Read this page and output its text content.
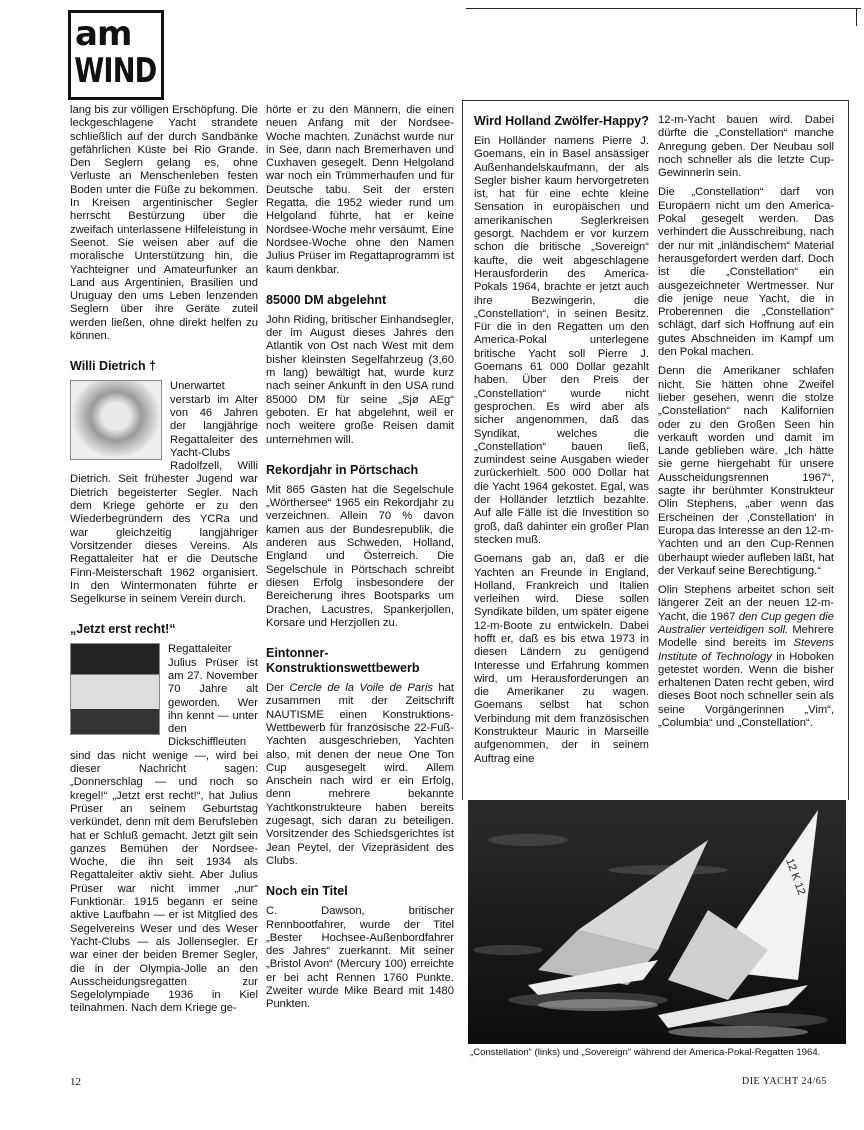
am
WIND

lang bis zur völligen Erschöpfung. Die leckgeschlagene Yacht strandete schließlich auf der durch Sandbänke gefährlichen Küste bei Rio Grande. Den Seglern gelang es, ohne Verluste an Menschenleben festen Boden unter die Füße zu bekommen. In Kreisen argentinischer Segler herrscht Bestürzung über die zweifach unterlassene Hilfeleistung in Seenot. Sie weisen aber auf die moralische Unterstützung hin, die Yachteigner und Amateurfunker an Land aus Argentinien, Brasilien und Uruguay den ums Leben lenzenden Seglern über ihre Geräte zuteil werden ließen, ohne direkt helfen zu können.

Willi Dietrich †

Unerwartet verstarb im Alter von 46 Jahren der langjährige Regattaleiter des Yacht-Clubs Radolfzell, Willi Dietrich. Seit frühester Jugend war Dietrich begeisterter Segler. Nach dem Kriege gehörte er zu den Wiederbegründern des YCRa und war gleichzeitig langjähriger Vorsitzender dieses Vereins. Als Regattaleiter hat er die Deutsche Finn-Meisterschaft 1962 organisiert. In den Wintermonaten führte er Segelkurse in seinem Verein durch.

„Jetzt erst recht!“

Regattaleiter Julius Prüser ist am 27. November 70 Jahre alt geworden. Wer ihn kennt — unter den Dickschiffleuten sind das nicht wenige —, wird bei dieser Nachricht sagen: „Donnerschlag — und noch so kregel!“ „Jetzt erst recht!“, hat Julius Prüser an seinem Geburtstag verkündet, denn mit dem Berufsleben hat er Schluß gemacht. Jetzt gilt sein ganzes Bemühen der Nordsee-Woche, die ihn seit 1934 als Regattaleiter aktiv sieht. Aber Julius Prüser war nicht immer „nur“ Funktionär. 1915 begann er seine aktive Laufbahn — er ist Mitglied des Segelvereins Weser und des Weser Yacht-Clubs — als Jollensegler. Er war einer der beiden Bremer Segler, die in der Olympia-Jolle an den Ausscheidungsregatten zur Segelolympiade 1936 in Kiel teilnahmen. Nach dem Kriege ge-

hörte er zu den Männern, die einen neuen Anfang mit der Nordsee-Woche machten. Zunächst wurde nur in See, dann nach Bremerhaven und Cuxhaven gesegelt. Denn Helgoland war noch ein Trümmerhaufen und für Deutsche tabu. Seit der ersten Regatta, die 1952 wieder rund um Helgoland führte, hat er keine Nordsee-Woche mehr versäumt. Eine Nordsee-Woche ohne den Namen Julius Prüser im Regattaprogramm ist kaum denkbar.

85000 DM abgelehnt

John Riding, britischer Einhandsegler, der im August dieses Jahres den Atlantik von Ost nach West mit dem bisher kleinsten Segelfahrzeug (3,60 m lang) bewältigt hat, wurde kurz nach seiner Ankunft in den USA rund 85000 DM für seine „Sjø AEg“ geboten. Er hat abgelehnt, weil er noch weitere große Reisen damit unternehmen will.

Rekordjahr in Pörtschach

Mit 865 Gästen hat die Segelschule „Wörthersee“ 1965 ein Rekordjahr zu verzeichnen. Allein 70 % davon kamen aus der Bundesrepublik, die anderen aus Schweden, Holland, England und Österreich. Die Segelschule in Pörtschach schreibt diesen Erfolg insbesondere der Bereicherung ihres Bootsparks um Drachen, Lacustres, Spankerjollen, Korsare und Herzjollen zu.

Eintonner-Konstruktionswettbewerb

Der Cercle de la Voile de Paris hat zusammen mit der Zeitschrift NAUTISME einen Konstruktions-Wettbewerb für französische 22-Fuß-Yachten ausgeschrieben, Yachten also, mit denen der neue One Ton Cup ausgesegelt wird. Allem Anschein nach wird er ein Erfolg, denn mehrere bekannte Yachtkonstrukteure haben bereits zugesagt, sich daran zu beteiligen. Vorsitzender des Schiedsgerichtes ist Jean Peytel, der Vizepräsident des Clubs.

Noch ein Titel

C. Dawson, britischer Rennbootfahrer, wurde der Titel „Bester Hochsee-Außenbordfahrer des Jahres“ zuerkannt. Mit seiner „Bristol Avon“ (Mercury 100) erreichte er bei acht Rennen 1760 Punkte. Zweiter wurde Mike Beard mit 1480 Punkten.

Wird Holland Zwölfer-Happy?

Ein Holländer namens Pierre J. Goemans, ein in Basel ansässiger Außenhandelskaufmann, der als Segler bisher kaum hervorgetreten ist, hat für eine echte kleine Sensation in europäischen und amerikanischen Seglerkreisen gesorgt. Nachdem er vor kurzem schon die britische „Sovereign“ kaufte, die weit abgeschlagene Herausforderin des America-Pokals 1964, brachte er jetzt auch ihre Bezwingerin, die „Constellation“, in seinen Besitz. Für die in den Regatten um den America-Pokal unterlegene britische Yacht soll Pierre J. Goemans 61 000 Dollar gezahlt haben. Über den Preis der „Constellation“ wurde nicht gesprochen. Es wird aber als sicher angenommen, daß das Syndikat, welches die „Constellation“ bauen ließ, zumindest seine Ausgaben wieder zurückerhielt. 500 000 Dollar hat die Yacht 1964 gekostet. Egal, was der Holländer letztlich bezahlte. Auf alle Fälle ist die Investition so groß, daß dahinter ein großer Plan stecken muß.

Goemans gab an, daß er die Yachten an Freunde in England, Holland, Frankreich und Italien verleihen wird. Diese sollen Syndikate bilden, um später eigene 12-m-Boote zu entwickeln. Dabei hofft er, daß es bis etwa 1973 in diesen Ländern zu genügend Interesse und Erfahrung kommen wird, um Herausforderungen an die Amerikaner zu wagen. Goemans selbst hat schon Verbindung mit dem französischen Konstrukteur Mauric in Marseille aufgenommen, der in seinem Auftrag eine

12-m-Yacht bauen wird. Dabei dürfte die „Constellation“ manche Anregung geben. Der Neubau soll noch schneller als die letzte Cup-Gewinnerin sein.

Die „Constellation“ darf von Europäern nicht um den America-Pokal gesegelt werden. Das verhindert die Ausschreibung, nach der nur mit „inländischem“ Material herausgefordert werden darf. Doch ist die „Constellation“ ein ausgezeichneter Wertmesser. Nur die jenige neue Yacht, die in Proberennen die „Constellation“ schlägt, darf sich Hoffnung auf ein gutes Abschneiden im Kampf um den Pokal machen.

Denn die Amerikaner schlafen nicht. Sie hätten ohne Zweifel lieber gesehen, wenn die stolze „Constellation“ nach Kalifornien oder zu den Großen Seen hin verkauft worden und damit im Lande geblieben wäre. „Ich hätte sie gerne hiergehabt für unsere Ausscheidungsrennen 1967“, sagte ihr berühmter Konstrukteur Olin Stephens, „aber wenn das Erscheinen der ‚Constellation‘ in Europa das Interesse an den 12-m-Yachten und an den Cup-Rennen überhaupt wieder aufleben läßt, hat der Verkauf seine Berechtigung.“

Olin Stephens arbeitet schon seit längerer Zeit an der neuen 12-m-Yacht, die 1967 den Cup gegen die Australier verteidigen soll. Mehrere Modelle sind bereits im Stevens Institute of Technology in Hoboken getestet worden. Wenn die bisher erhaltenen Daten recht geben, wird dieses Boot noch schneller sein als seine Vorgängerinnen „Vim“, „Columbia“ und „Constellation“.

12 K 12
„Constellation“ (links) und „Sovereign“ während der America-Pokal-Regatten 1964.
12	DIE YACHT 24/65
